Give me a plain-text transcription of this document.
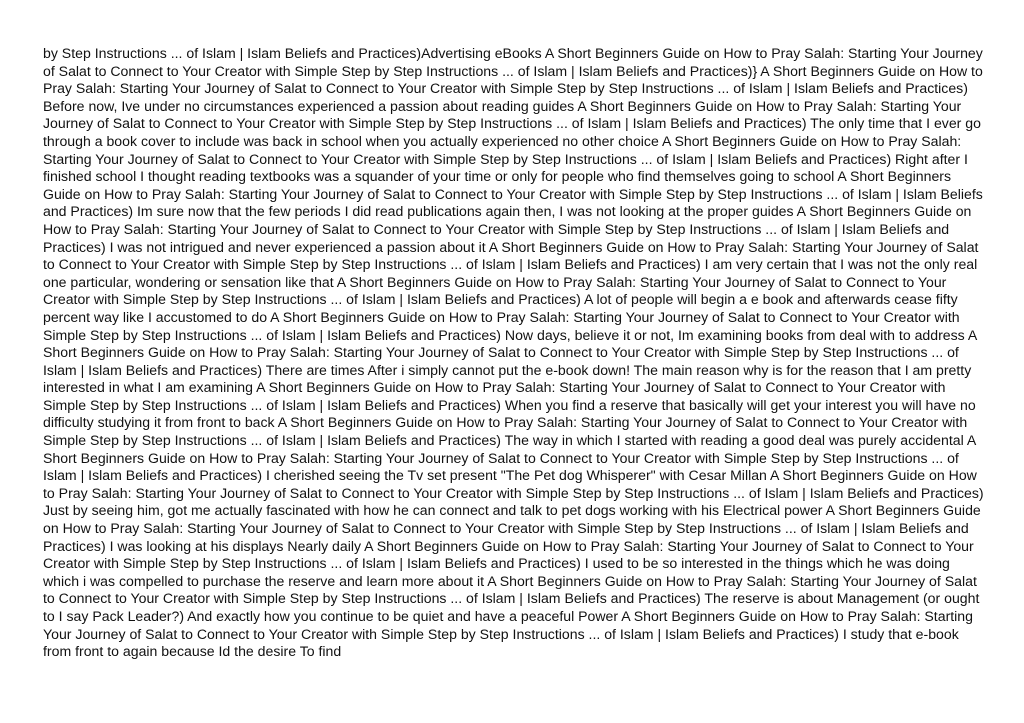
by Step Instructions ... of Islam | Islam Beliefs and Practices)Advertising eBooks A Short Beginners Guide on How to Pray Salah: Starting Your Journey of Salat to Connect to Your Creator with Simple Step by Step Instructions ... of Islam | Islam Beliefs and Practices)} A Short Beginners Guide on How to Pray Salah: Starting Your Journey of Salat to Connect to Your Creator with Simple Step by Step Instructions ... of Islam | Islam Beliefs and Practices) Before now, Ive under no circumstances experienced a passion about reading guides A Short Beginners Guide on How to Pray Salah: Starting Your Journey of Salat to Connect to Your Creator with Simple Step by Step Instructions ... of Islam | Islam Beliefs and Practices) The only time that I ever go through a book cover to include was back in school when you actually experienced no other choice A Short Beginners Guide on How to Pray Salah: Starting Your Journey of Salat to Connect to Your Creator with Simple Step by Step Instructions ... of Islam | Islam Beliefs and Practices) Right after I finished school I thought reading textbooks was a squander of your time or only for people who find themselves going to school A Short Beginners Guide on How to Pray Salah: Starting Your Journey of Salat to Connect to Your Creator with Simple Step by Step Instructions ... of Islam | Islam Beliefs and Practices) Im sure now that the few periods I did read publications again then, I was not looking at the proper guides A Short Beginners Guide on How to Pray Salah: Starting Your Journey of Salat to Connect to Your Creator with Simple Step by Step Instructions ... of Islam | Islam Beliefs and Practices) I was not intrigued and never experienced a passion about it A Short Beginners Guide on How to Pray Salah: Starting Your Journey of Salat to Connect to Your Creator with Simple Step by Step Instructions ... of Islam | Islam Beliefs and Practices) I am very certain that I was not the only real one particular, wondering or sensation like that A Short Beginners Guide on How to Pray Salah: Starting Your Journey of Salat to Connect to Your Creator with Simple Step by Step Instructions ... of Islam | Islam Beliefs and Practices) A lot of people will begin a e book and afterwards cease fifty percent way like I accustomed to do A Short Beginners Guide on How to Pray Salah: Starting Your Journey of Salat to Connect to Your Creator with Simple Step by Step Instructions ... of Islam | Islam Beliefs and Practices) Now days, believe it or not, Im examining books from deal with to address A Short Beginners Guide on How to Pray Salah: Starting Your Journey of Salat to Connect to Your Creator with Simple Step by Step Instructions ... of Islam | Islam Beliefs and Practices) There are times After i simply cannot put the e-book down! The main reason why is for the reason that I am pretty interested in what I am examining A Short Beginners Guide on How to Pray Salah: Starting Your Journey of Salat to Connect to Your Creator with Simple Step by Step Instructions ... of Islam | Islam Beliefs and Practices) When you find a reserve that basically will get your interest you will have no difficulty studying it from front to back A Short Beginners Guide on How to Pray Salah: Starting Your Journey of Salat to Connect to Your Creator with Simple Step by Step Instructions ... of Islam | Islam Beliefs and Practices) The way in which I started with reading a good deal was purely accidental A Short Beginners Guide on How to Pray Salah: Starting Your Journey of Salat to Connect to Your Creator with Simple Step by Step Instructions ... of Islam | Islam Beliefs and Practices) I cherished seeing the Tv set present "The Pet dog Whisperer" with Cesar Millan A Short Beginners Guide on How to Pray Salah: Starting Your Journey of Salat to Connect to Your Creator with Simple Step by Step Instructions ... of Islam | Islam Beliefs and Practices) Just by seeing him, got me actually fascinated with how he can connect and talk to pet dogs working with his Electrical power A Short Beginners Guide on How to Pray Salah: Starting Your Journey of Salat to Connect to Your Creator with Simple Step by Step Instructions ... of Islam | Islam Beliefs and Practices) I was looking at his displays Nearly daily A Short Beginners Guide on How to Pray Salah: Starting Your Journey of Salat to Connect to Your Creator with Simple Step by Step Instructions ... of Islam | Islam Beliefs and Practices) I used to be so interested in the things which he was doing which i was compelled to purchase the reserve and learn more about it A Short Beginners Guide on How to Pray Salah: Starting Your Journey of Salat to Connect to Your Creator with Simple Step by Step Instructions ... of Islam | Islam Beliefs and Practices) The reserve is about Management (or ought to I say Pack Leader?) And exactly how you continue to be quiet and have a peaceful Power A Short Beginners Guide on How to Pray Salah: Starting Your Journey of Salat to Connect to Your Creator with Simple Step by Step Instructions ... of Islam | Islam Beliefs and Practices) I study that e-book from front to again because Id the desire To find
